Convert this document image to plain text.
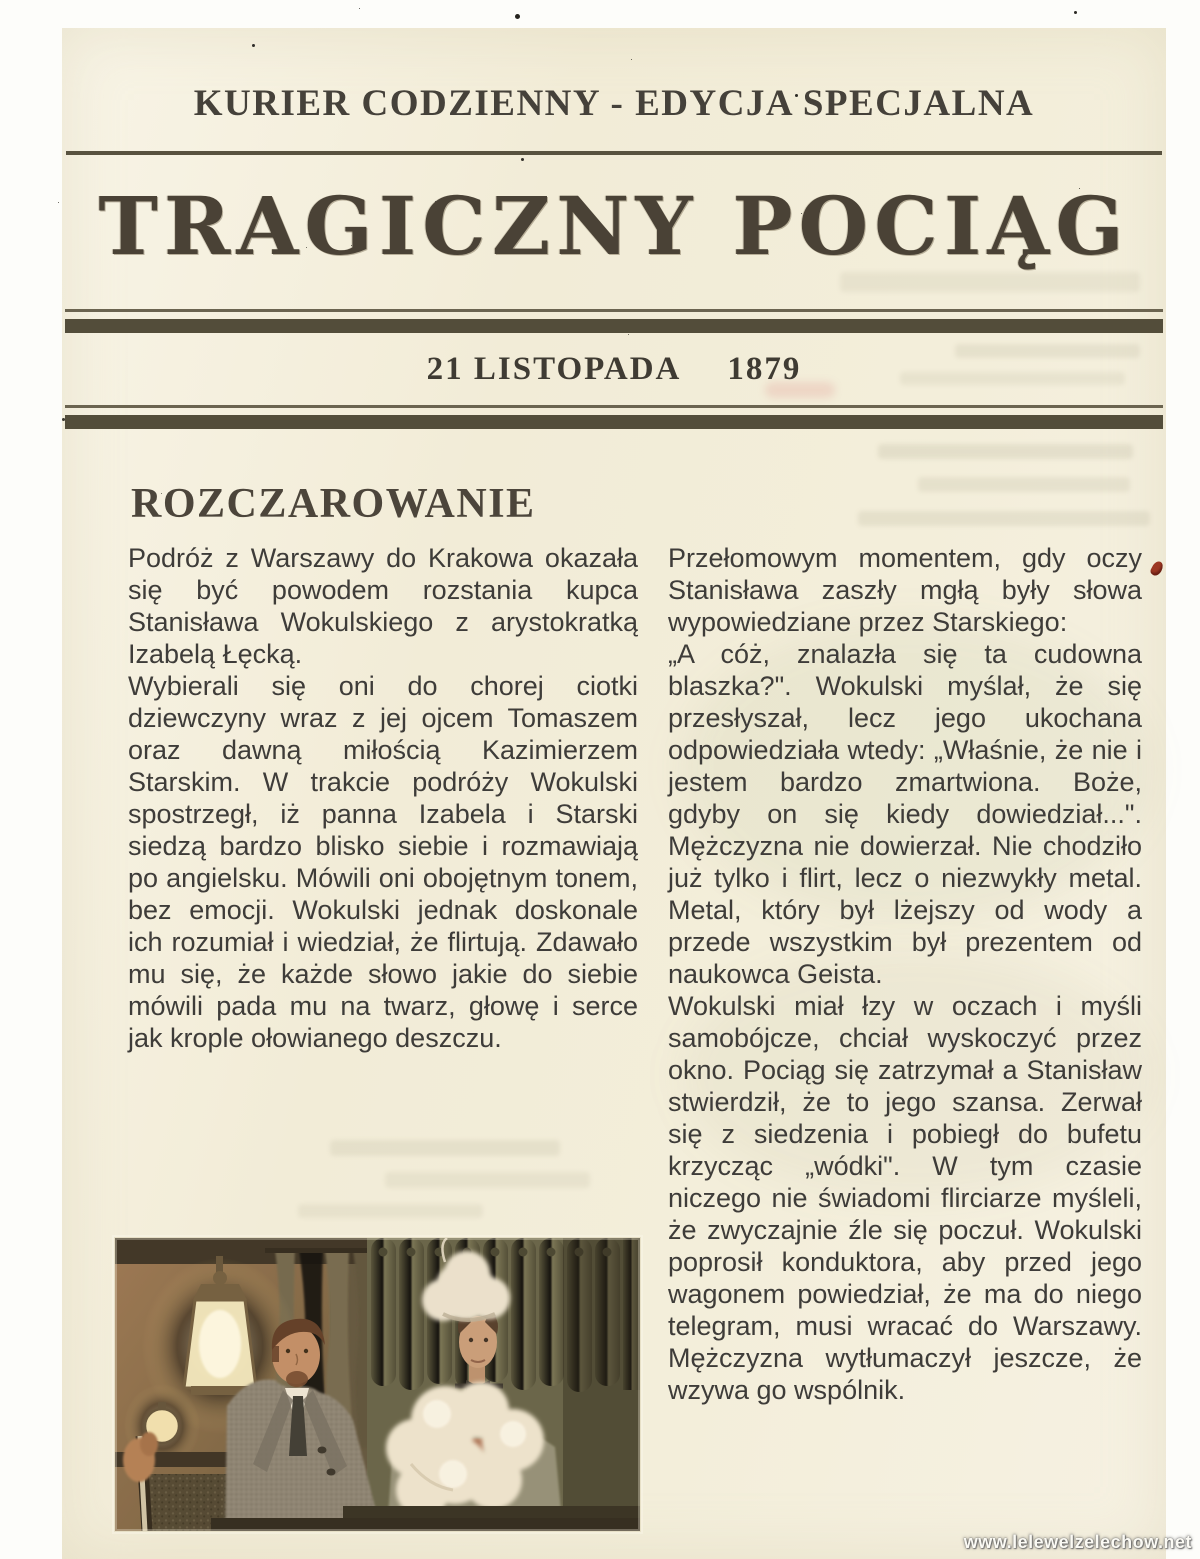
KURIER CODZIENNY - EDYCJA SPECJALNA
TRAGICZNY POCIĄG
21 LISTOPADA 1879
ROZCZAROWANIE

Podróż z Warszawy do Krakowa okazała się być powodem rozstania kupca Stanisława Wokulskiego z arystokratką Izabelą Łęcką.

Wybierali się oni do chorej ciotki dziewczyny wraz z jej ojcem Tomaszem oraz dawną miłością Kazimierzem Starskim. W trakcie podróży Wokulski spostrzegł, iż panna Izabela i Starski siedzą bardzo blisko siebie i rozmawiają po angielsku. Mówili oni obojętnym tonem, bez emocji. Wokulski jednak doskonale ich rozumiał i wiedział, że flirtują. Zdawało mu się, że każde słowo jakie do siebie mówili pada mu na twarz, głowę i serce jak krople ołowianego deszczu.

Przełomowym momentem, gdy oczy Stanisława zaszły mgłą były słowa wypowiedziane przez Starskiego:

„A cóż, znalazła się ta cudowna blaszka?". Wokulski myślał, że się przesłyszał, lecz jego ukochana odpowiedziała wtedy: „Właśnie, że nie i jestem bardzo zmartwiona. Boże, gdyby on się kiedy dowiedział...". Mężczyzna nie dowierzał. Nie chodziło już tylko i flirt, lecz o niezwykły metal. Metal, który był lżejszy od wody a przede wszystkim był prezentem od naukowca Geista.

Wokulski miał łzy w oczach i myśli samobójcze, chciał wyskoczyć przez okno. Pociąg się zatrzymał a Stanisław stwierdził, że to jego szansa. Zerwał się z siedzenia i pobiegł do bufetu krzycząc „wódki". W tym czasie niczego nie świadomi flirciarze myśleli, że zwyczajnie źle się poczuł. Wokulski poprosił konduktora, aby przed jego wagonem powiedział, że ma do niego telegram, musi wracać do Warszawy. Mężczyzna wytłumaczył jeszcze, że wzywa go wspólnik.

www.lelewelzelechow.net
